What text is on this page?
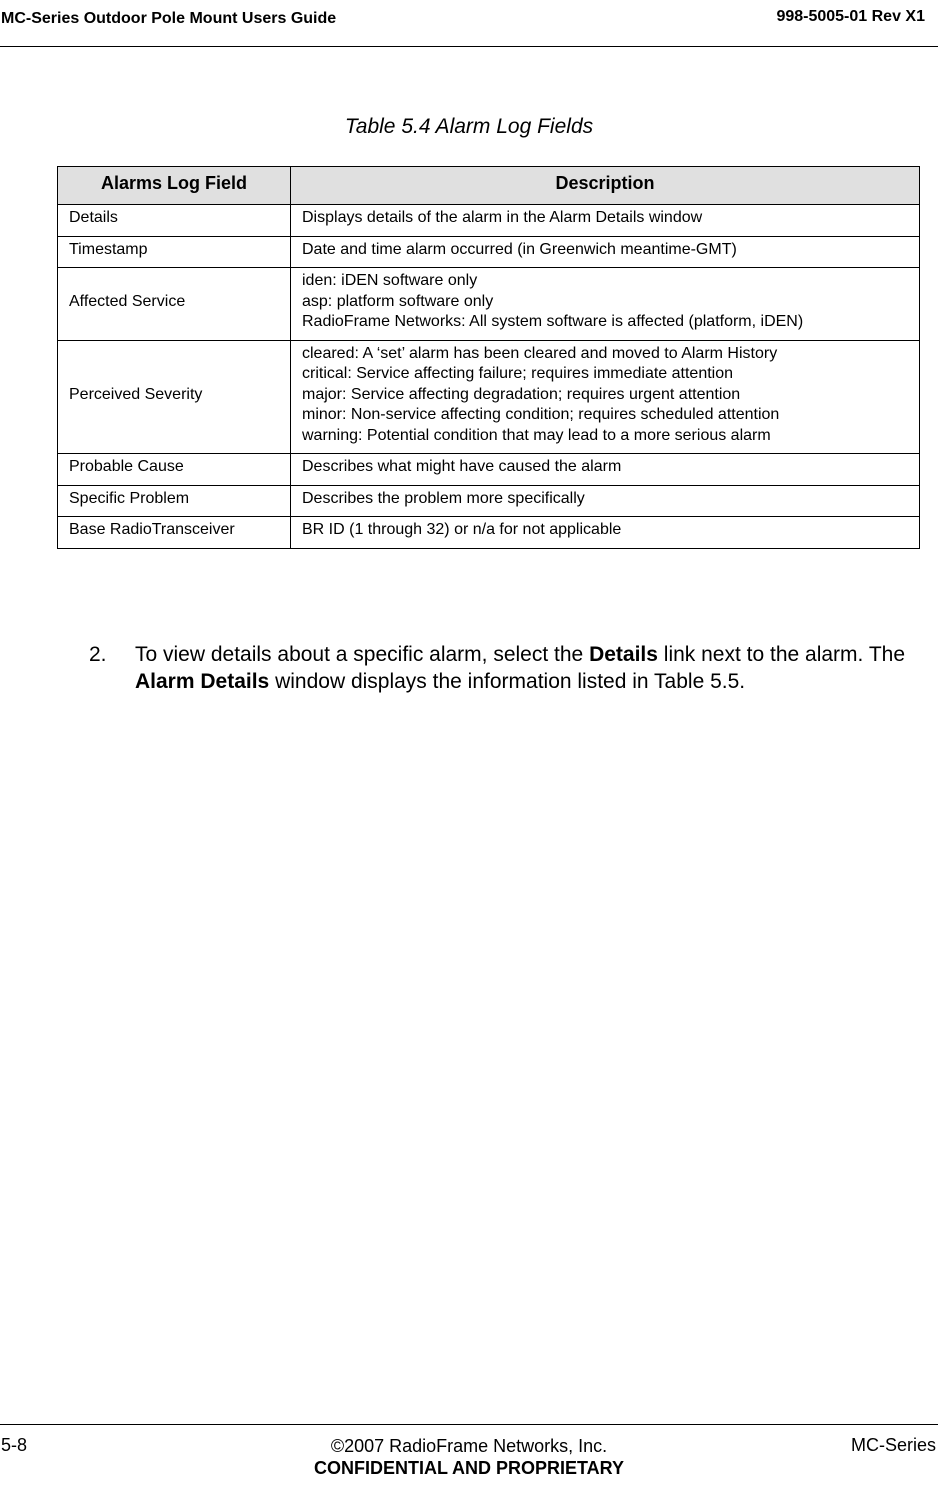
MC-Series Outdoor Pole Mount Users Guide	998-5005-01 Rev X1
Table 5.4 Alarm Log Fields
Alarms Log Field	Description
Details	Displays details of the alarm in the Alarm Details window

Timestamp	Date and time alarm occurred (in Greenwich meantime-GMT)

Affected Service	iden: iDEN software only
asp: platform software only
RadioFrame Networks: All system software is affected (platform, iDEN)

Perceived Severity	cleared: A ‘set’ alarm has been cleared and moved to Alarm History
critical: Service affecting failure; requires immediate attention
major: Service affecting degradation; requires urgent attention
minor: Non-service affecting condition; requires scheduled attention
warning: Potential condition that may lead to a more serious alarm

Probable Cause	Describes what might have caused the alarm

Specific Problem	Describes the problem more specifically

Base RadioTransceiver	BR ID (1 through 32) or n/a for not applicable
2. To view details about a specific alarm, select the Details link next to the alarm. The Alarm Details window displays the information listed in Table 5.5.
5-8	©2007 RadioFrame Networks, Inc.
CONFIDENTIAL AND PROPRIETARY
MC-Series
